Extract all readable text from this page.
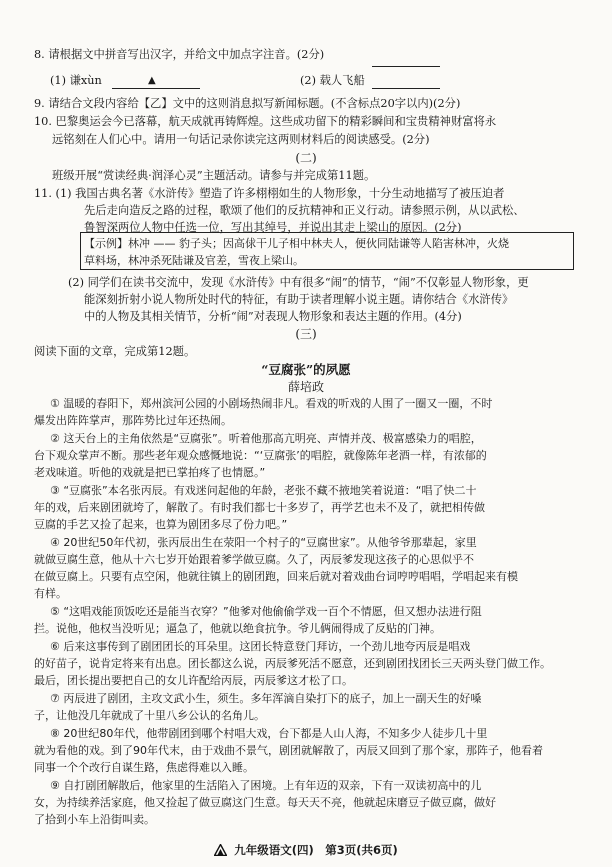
8. 请根据文中拼音写出汉字，并给文中加点字注音。(2分)
(1) 谦xùn	▲	(2) 载人飞船
9. 请结合文段内容给【乙】文中的这则消息拟写新闻标题。(不含标点20字以内)(2分)
10. 巴黎奥运会今已落幕，航天成就再铸辉煌。这些成功留下的精彩瞬间和宝贵精神财富将永
远铭刻在人们心中。请用一句话记录你读完这两则材料后的阅读感受。(2分)
(二)
班级开展“赏读经典·润泽心灵”主题活动。请参与并完成第11题。
11. (1) 我国古典名著《水浒传》塑造了许多栩栩如生的人物形象，十分生动地描写了被压迫者
先后走向造反之路的过程，歌颂了他们的反抗精神和正义行动。请参照示例，从以武松、
鲁智深两位人物中任选一位，写出其绰号，并说出其走上梁山的原因。(2分)
【示例】林冲 —— 豹子头；因高俅干儿子相中林夫人，便伙同陆谦等人陷害林冲，火烧
草料场，林冲杀死陆谦及官差，雪夜上梁山。
(2) 同学们在读书交流中，发现《水浒传》中有很多“闹”的情节，“闹”不仅彰显人物形象，更
能深刻折射小说人物所处时代的特征，有助于读者理解小说主题。请你结合《水浒传》
中的人物及其相关情节，分析“闹”对表现人物形象和表达主题的作用。(4分)
(三)
阅读下面的文章，完成第12题。
“豆腐张”的夙愿
薛培政
① 温暖的春阳下，郑州滨河公园的小剧场热闹非凡。看戏的听戏的人围了一圈又一圈，不时
爆发出阵阵掌声，那阵势比过年还热闹。
② 这天台上的主角依然是“豆腐张”。听着他那高亢明亮、声情并茂、极富感染力的唱腔，
台下观众掌声不断。那些老年观众感慨地说：“‘豆腐张’的唱腔，就像陈年老酒一样，有浓郁的
老戏味道。听他的戏就是把已掌拍疼了也情愿。”
③ “豆腐张”本名张丙辰。有戏迷问起他的年龄，老张不藏不掖地笑着说道：“唱了快二十
年的戏，后来剧团就垮了，解散了。有时我们都七十多岁了，再学艺也未不及了，就把相传做
豆腐的手艺又捡了起来，也算为剧团多尽了份力吧。”
④ 20世纪50年代初，张丙辰出生在荥阳一个村子的“豆腐世家”。从他爷爷那辈起，家里
就做豆腐生意，他从十六七岁开始跟着爹学做豆腐。久了，丙辰爹发现这孩子的心思似乎不
在做豆腐上。只要有点空闲，他就往镇上的剧团跑，回来后就对着戏曲台词哼哼唱唱，学唱起来有模
有样。
⑤ “这唱戏能顶饭吃还是能当衣穿？”他爹对他偷偷学戏一百个不情愿，但又想办法进行阻
拦。说他，他权当没听见；逼急了，他就以绝食抗争。爷儿俩闹得成了反贴的门神。
⑥ 后来这事传到了剧团团长的耳朵里。这团长特意登门拜访，一个劲儿地夸丙辰是唱戏
的好苗子，说肯定将来有出息。团长都这么说，丙辰爹死活不愿意，还到剧团找团长三天两头登门做工作。
最后，团长提出要把自己的女儿许配给丙辰，丙辰爹这才松了口。
⑦ 丙辰进了剧团，主攻文武小生，须生。多年浑滴自染打下的底子，加上一副天生的好嗓
子，让他没几年就成了十里八乡公认的名角儿。
⑧ 20世纪80年代，他带剧团到哪个村唱大戏，台下都是人山人海，不知多少人徒步几十里
就为看他的戏。到了90年代末，由于戏曲不景气，剧团就解散了，丙辰又回到了那个家，那阵子，他看着
同事一个个改行自谋生路，焦虑得难以入睡。
⑨ 自打剧团解散后，他家里的生活陷入了困境。上有年迈的双亲，下有一双读初高中的儿
女，为持续养活家庭，他又捡起了做豆腐这门生意。每天天不亮，他就起床磨豆子做豆腐，做好
了拾到小车上沿街叫卖。
九年级语文(四)　第3页(共6页)
